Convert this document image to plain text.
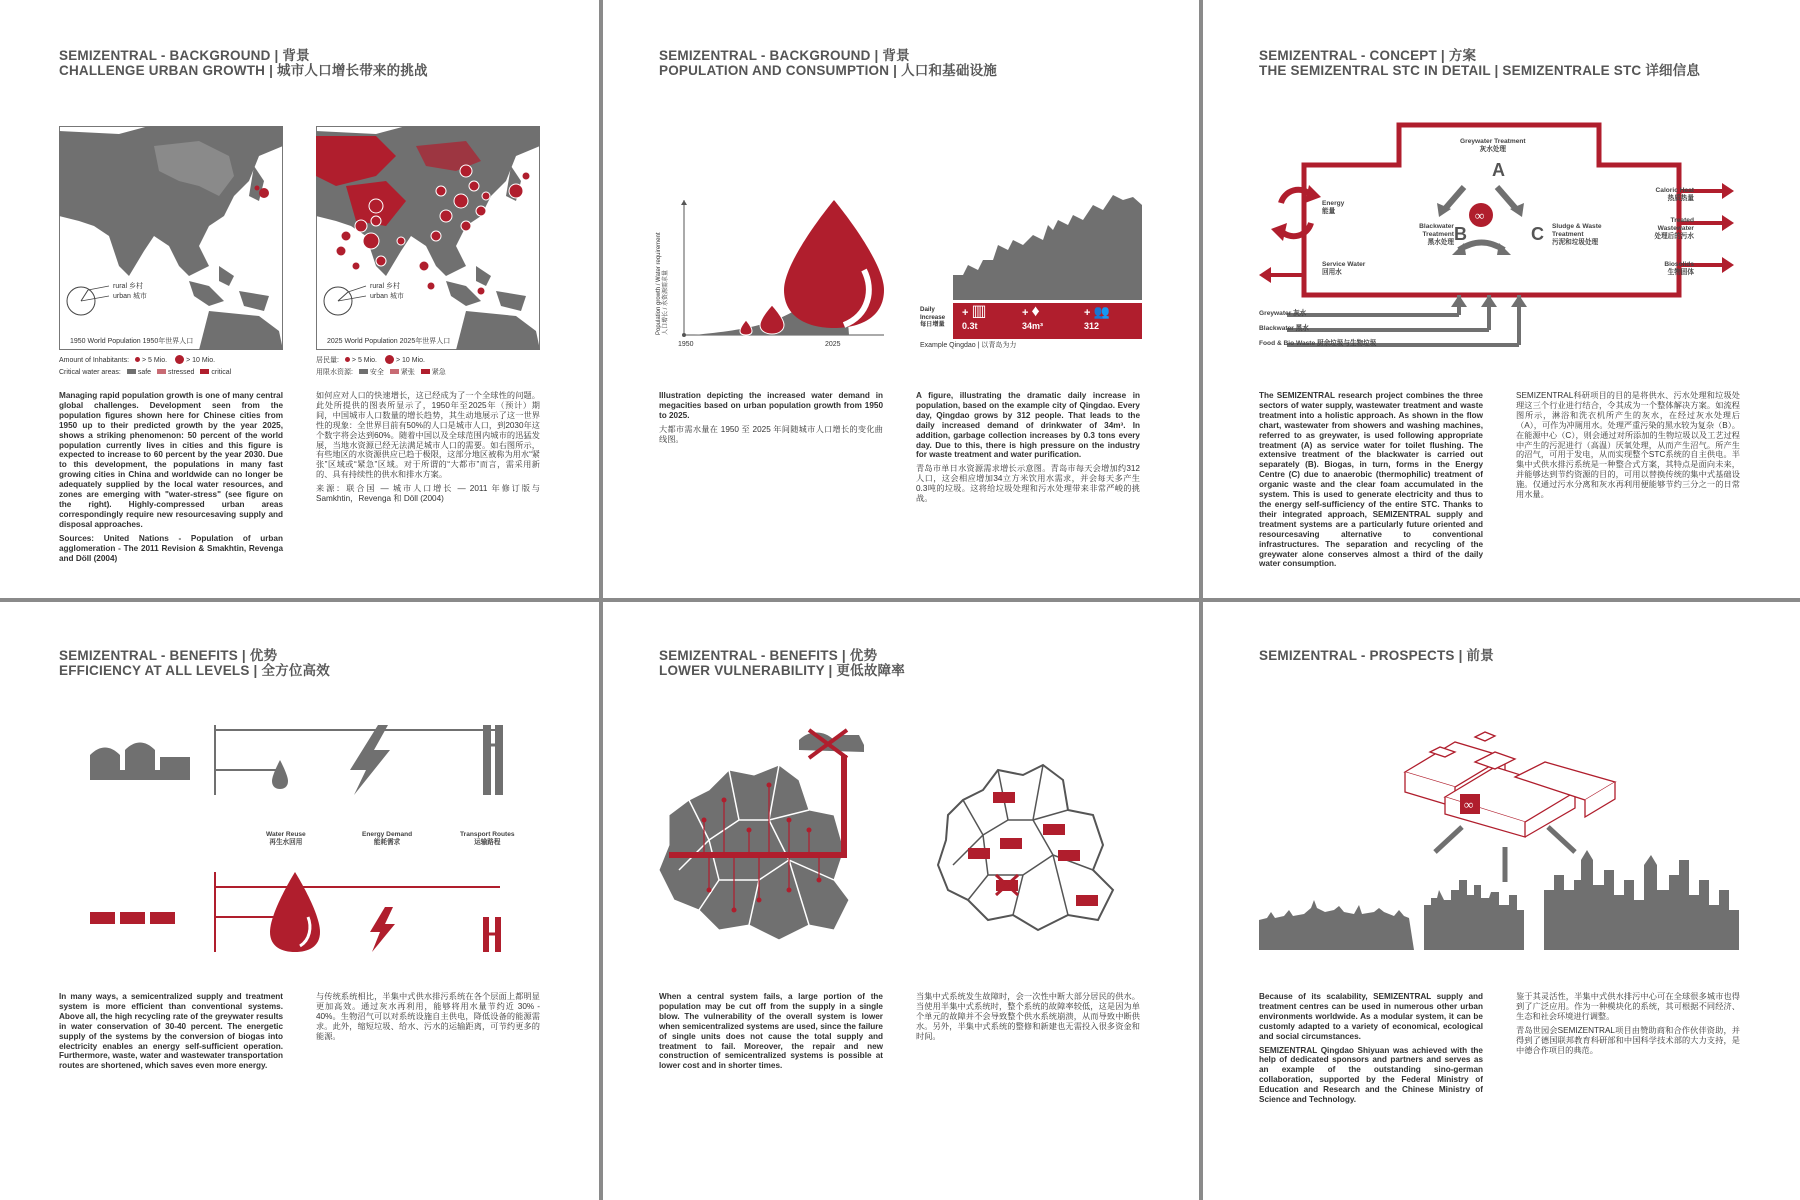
SEMIZENTRAL - BACKGROUND | 背景
CHALLENGE URBAN GROWTH | 城市人口增长带来的挑战
rural 乡村
urban 城市
1950 World Population 1950年世界人口
rural 乡村
urban 城市
2025 World Population 2025年世界人口
Amount of Inhabitants: > 5 Mio.	> 10 Mio.
Critical water areas: safe stressed critical
居民量: > 5 Mio.	> 10 Mio.
用限水资源: 安全 紧张 紧急

Managing rapid population growth is one of many central global challenges. Development seen from the population figures shown here for Chinese cities from 1950 up to their predicted growth by the year 2025, shows a striking phenomenon: 50 percent of the world population currently lives in cities and this figure is expected to increase to 60 percent by the year 2030. Due to this development, the populations in many fast growing cities in China and worldwide can no longer be adequately supplied by the local water resources, and zones are emerging with "water-stress" (see figure on the right). Highly-compressed urban areas correspondingly require new resourcesaving supply and disposal approaches.

Sources: United Nations - Population of urban agglomeration - The 2011 Revision & Smakhtin, Revenga and Döll (2004)

如何应对人口的快速增长，这已经成为了一个全球性的问题。此处所提供的图表所显示了，1950年至2025年（预计）期间，中国城市人口数量的增长趋势，其生动地展示了这一世界性的现象：全世界目前有50%的人口是城市人口，到2030年这个数字将会达到60%。随着中国以及全球范围内城市的迅猛发展，当地水资源已经无法满足城市人口的需要。如右图所示，有些地区的水资源供应已趋于极限，这部分地区被称为用水“紧张”区域或“紧急”区域。对于所谓的“大都市”而言，需采用新的、具有持续性的供水和排水方案。

来源：联合国 — 城市人口增长 — 2011 年修订版与 Samkhtin，Revenga 和 Döll (2004)

SEMIZENTRAL - BACKGROUND | 背景
POPULATION AND CONSUMPTION | 人口和基础设施
Population growth / Water requirement 人口增长 / 水资源需求量
1950	2025
Daily Increase
每日增量
+ ▥
0.3t
+ ♦
34m³
+ 👥
312
Example Qingdao | 以青岛为力

Illustration depicting the increased water demand in megacities based on urban population growth from 1950 to 2025.

大都市需水量在 1950 至 2025 年间随城市人口增长的变化曲线图。

A figure, illustrating the dramatic daily increase in population, based on the example city of Qingdao. Every day, Qingdao grows by 312 people. That leads to the daily increased demand of drinkwater of 34m³. In addition, garbage collection increases by 0.3 tons every day. Due to this, there is high pressure on the industry for waste treatment and water purification.

青岛市单日水资源需求增长示意图。青岛市每天会增加约312人口，这会相应增加34立方米饮用水需求，并会每天多产生0.3吨的垃圾。这将给垃圾处理和污水处理带来非常严峻的挑战。

SEMIZENTRAL - CONCEPT | 方案
THE SEMIZENTRAL STC IN DETAIL | SEMIZENTRALE STC 详细信息
∞
Greywater Treatment
灰水处理
A
B	C
Energy
能量
Blackwater Treatment
黑水处理
Sludge & Waste Treatment
污泥和垃圾处理
Service Water
回用水
Caloric Heat
热质热量
Treated Wastewater
处理后的污水
Biosolids
生物固体
Greywater 灰水
Blackwater 黑水
Food & Bio Waste 厨余垃圾与生物垃圾

The SEMIZENTRAL research project combines the three sectors of water supply, wastewater treatment and waste treatment into a holistic approach. As shown in the flow chart, wastewater from showers and washing machines, referred to as greywater, is used following appropriate treatment (A) as service water for toilet flushing. The extensive treatment of the blackwater is carried out separately (B). Biogas, in turn, forms in the Energy Centre (C) due to anaerobic (thermophilic) treatment of organic waste and the clear foam accumulated in the system. This is used to generate electricity and thus to the energy self-sufficiency of the entire STC. Thanks to their integrated approach, SEMIZENTRAL supply and treatment systems are a particularly future oriented and resourcesaving alternative to conventional infrastructures. The separation and recycling of the greywater alone conserves almost a third of the daily water consumption.

SEMIZENTRAL科研项目的目的是将供水、污水处理和垃圾处理这三个行业进行结合，令其成为一个整体解决方案。如流程图所示，淋浴和洗衣机所产生的灰水，在经过灰水处理后（A），可作为冲厕用水。处理严重污染的黑水较为复杂（B）。在能源中心（C），则会通过对所添加的生物垃圾以及工艺过程中产生的污泥进行（高温）厌氧处理，从而产生沼气。所产生的沼气，可用于发电，从而实现整个STC系统的自主供电。半集中式供水排污系统是一种整合式方案，其特点是面向未来，并能够达到节约资源的目的，可用以替换传统的集中式基础设施。仅通过污水分离和灰水再利用便能够节约三分之一的日常用水量。

SEMIZENTRAL - BENEFITS | 优势
EFFICIENCY AT ALL LEVELS | 全方位高效
Water Reuse
再生水回用
Energy Demand
能耗需求
Transport Routes
运输路程

In many ways, a semicentralized supply and treatment system is more efficient than conventional systems. Above all, the high recycling rate of the greywater results in water conservation of 30-40 percent. The energetic supply of the systems by the conversion of biogas into electricity enables an energy self-sufficient operation. Furthermore, waste, water and wastewater transportation routes are shortened, which saves even more energy.

与传统系统相比，半集中式供水排污系统在各个层面上都明显更加高效。通过灰水再利用，能够将用水量节约近 30% - 40%。生物沼气可以对系统设施自主供电，降低设备的能源需求。此外，缩短垃圾、给水、污水的运输距离，可节约更多的能源。

SEMIZENTRAL - BENEFITS | 优势
LOWER VULNERABILITY | 更低故障率

When a central system fails, a large portion of the population may be cut off from the supply in a single blow. The vulnerability of the overall system is lower when semicentralized systems are used, since the failure of single units does not cause the total supply and treatment to fail. Moreover, the repair and new construction of semicentralized systems is possible at lower cost and in shorter times.

当集中式系统发生故障时，会一次性中断大部分居民的供水。当使用半集中式系统时，整个系统的故障率较低，这是因为单个单元的故障并不会导致整个供水系统崩溃，从而导致中断供水。另外，半集中式系统的整修和新建也无需投入很多资金和时间。

SEMIZENTRAL - PROSPECTS | 前景
∞

Because of its scalability, SEMIZENTRAL supply and treatment centres can be used in numerous other urban environments worldwide. As a modular system, it can be customly adapted to a variety of economical, ecological and social circumstances.

SEMIZENTRAL Qingdao Shiyuan was achieved with the help of dedicated sponsors and partners and serves as an example of the outstanding sino-german collaboration, supported by the Federal Ministry of Education and Research and the Chinese Ministry of Science and Technology.

鉴于其灵活性，半集中式供水排污中心可在全球很多城市也得到了广泛应用。作为一种模块化的系统，其可根据不同经济、生态和社会环境进行调整。

青岛世园会SEMIZENTRAL项目由赞助商和合作伙伴资助，并得到了德国联邦教育科研部和中国科学技术部的大力支持，是中德合作项目的典范。
